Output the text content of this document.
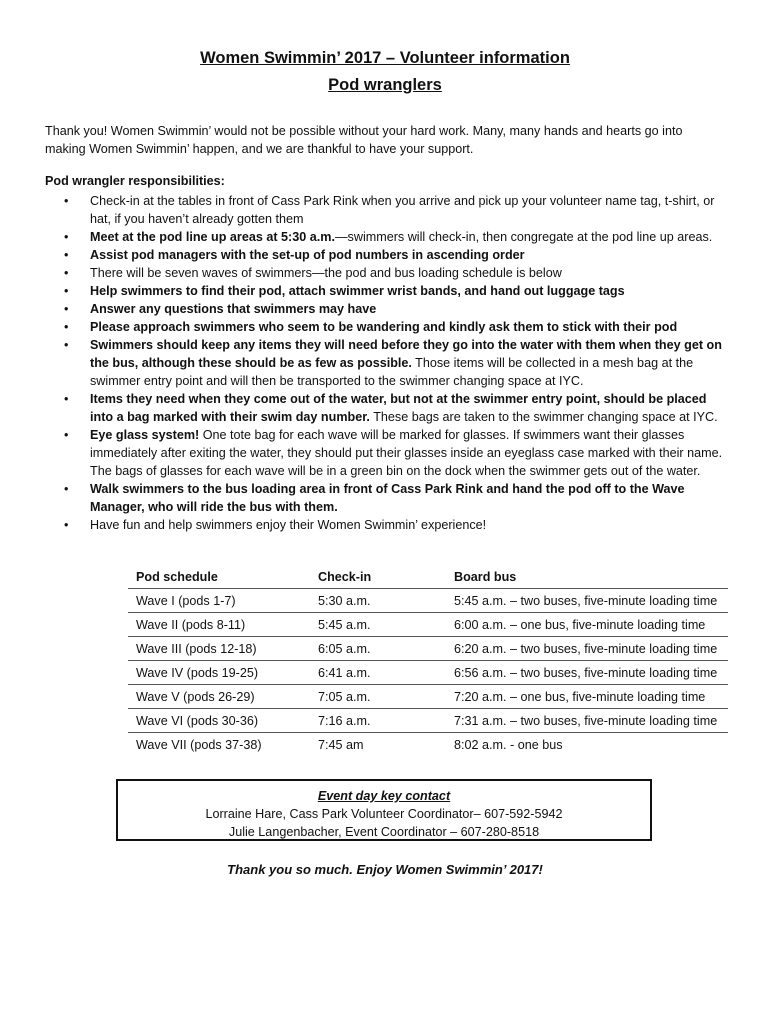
Women Swimmin’ 2017 – Volunteer information
Pod wranglers

Thank you! Women Swimmin’ would not be possible without your hard work. Many, many hands and hearts go into making Women Swimmin’ happen, and we are thankful to have your support.

Pod wrangler responsibilities:

• Check-in at the tables in front of Cass Park Rink when you arrive and pick up your volunteer name tag, t-shirt, or hat, if you haven’t already gotten them
• Meet at the pod line up areas at 5:30 a.m.—swimmers will check-in, then congregate at the pod line up areas.
• Assist pod managers with the set-up of pod numbers in ascending order
• There will be seven waves of swimmers—the pod and bus loading schedule is below
• Help swimmers to find their pod, attach swimmer wrist bands, and hand out luggage tags
• Answer any questions that swimmers may have
• Please approach swimmers who seem to be wandering and kindly ask them to stick with their pod
• Swimmers should keep any items they will need before they go into the water with them when they get on the bus, although these should be as few as possible. Those items will be collected in a mesh bag at the swimmer entry point and will then be transported to the swimmer changing space at IYC.
• Items they need when they come out of the water, but not at the swimmer entry point, should be placed into a bag marked with their swim day number. These bags are taken to the swimmer changing space at IYC.
• Eye glass system! One tote bag for each wave will be marked for glasses. If swimmers want their glasses immediately after exiting the water, they should put their glasses inside an eyeglass case marked with their name. The bags of glasses for each wave will be in a green bin on the dock when the swimmer gets out of the water.
• Walk swimmers to the bus loading area in front of Cass Park Rink and hand the pod off to the Wave Manager, who will ride the bus with them.
• Have fun and help swimmers enjoy their Women Swimmin’ experience!
Pod schedule	Check-in	Board bus
Wave I (pods 1-7)	5:30 a.m.	5:45 a.m. – two buses, five-minute loading time
Wave II (pods 8-11)	5:45 a.m.	6:00 a.m. – one bus, five-minute loading time
Wave III (pods 12-18)	6:05 a.m.	6:20 a.m. – two buses, five-minute loading time
Wave IV (pods 19-25)	6:41 a.m.	6:56 a.m. – two buses, five-minute loading time
Wave V (pods 26-29)	7:05 a.m.	7:20 a.m. – one bus, five-minute loading time
Wave VI (pods 30-36)	7:16 a.m.	7:31 a.m. – two buses, five-minute loading time
Wave VII (pods 37-38)	7:45 am	8:02 a.m. - one bus
Event day key contact
Lorraine Hare, Cass Park Volunteer Coordinator– 607-592-5942
Julie Langenbacher, Event Coordinator – 607-280-8518
Thank you so much. Enjoy Women Swimmin’ 2017!
